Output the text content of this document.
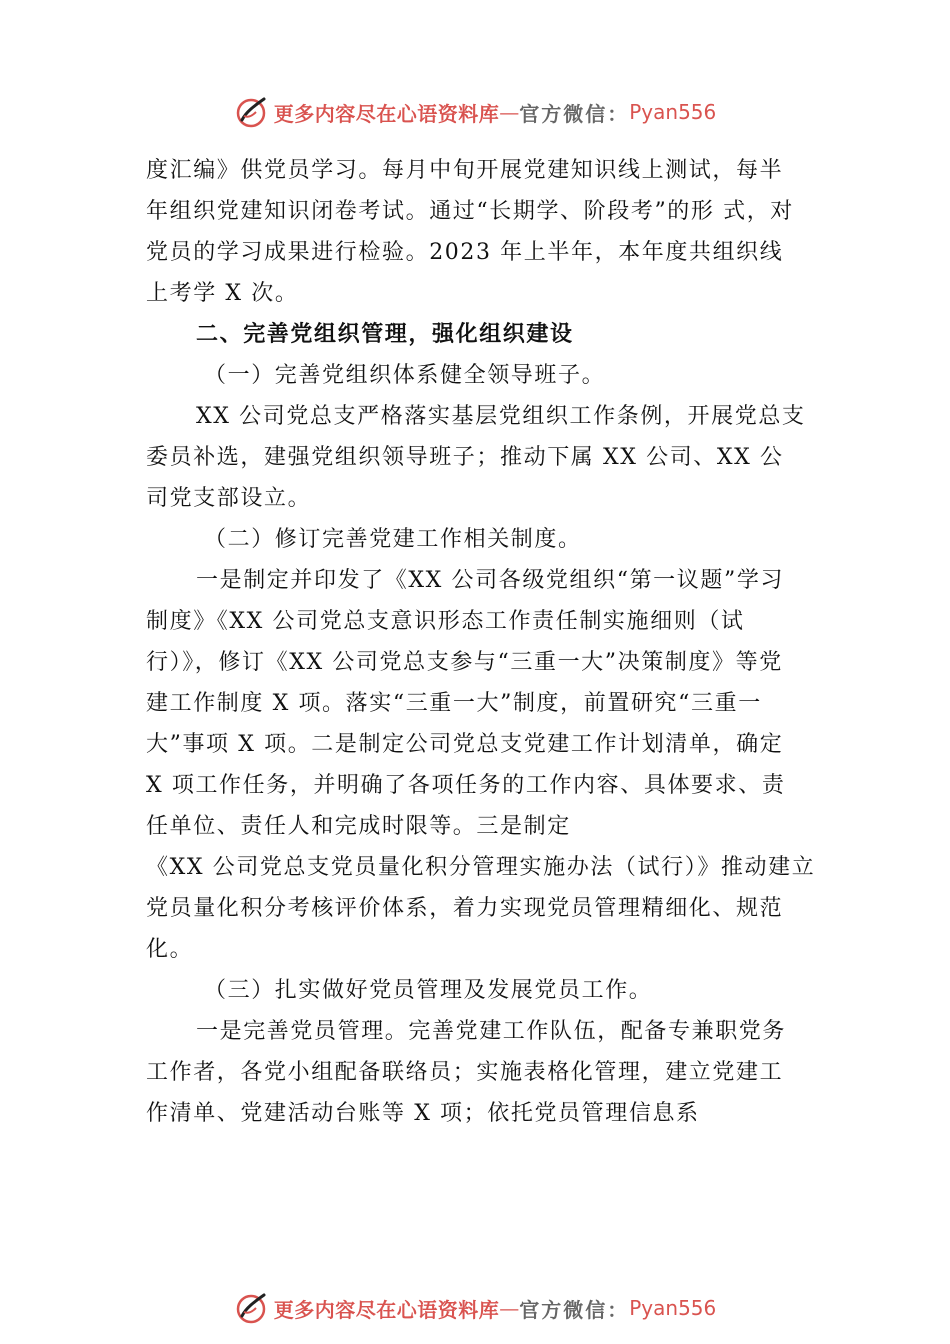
更多内容尽在心语资料库 — 官方微信： Pyan556

度汇编》供党员学习。每月中旬开展党建知识线上测试，每半年组织党建知识闭卷考试。通过“长期学、阶段考”的形 式，对党员的学习成果进行检验。2023 年上半年，本年度共组织线上考学 X 次。

二、完善党组织管理，强化组织建设

（一）完善党组织体系健全领导班子。

XX 公司党总支严格落实基层党组织工作条例，开展党总支委员补选，建强党组织领导班子；推动下属 XX 公司、XX 公司党支部设立。

（二）修订完善党建工作相关制度。

一是制定并印发了《XX 公司各级党组织“第一议题”学习制度》《XX 公司党总支意识形态工作责任制实施细则（试行）》，修订《XX 公司党总支参与“三重一大”决策制度》等党建工作制度 X 项。落实“三重一大”制度，前置研究“三重一大”事项 X 项。二是制定公司党总支党建工作计划清单，确定 X 项工作任务，并明确了各项任务的工作内容、具体要求、责任单位、责任人和完成时限等。三是制定

《XX 公司党总支党员量化积分管理实施办法（试行）》推动建立党员量化积分考核评价体系，着力实现党员管理精细化、规范化。

（三）扎实做好党员管理及发展党员工作。

一是完善党员管理。完善党建工作队伍，配备专兼职党务工作者，各党小组配备联络员；实施表格化管理，建立党建工作清单、党建活动台账等 X 项；依托党员管理信息系

更多内容尽在心语资料库 — 官方微信： Pyan556
